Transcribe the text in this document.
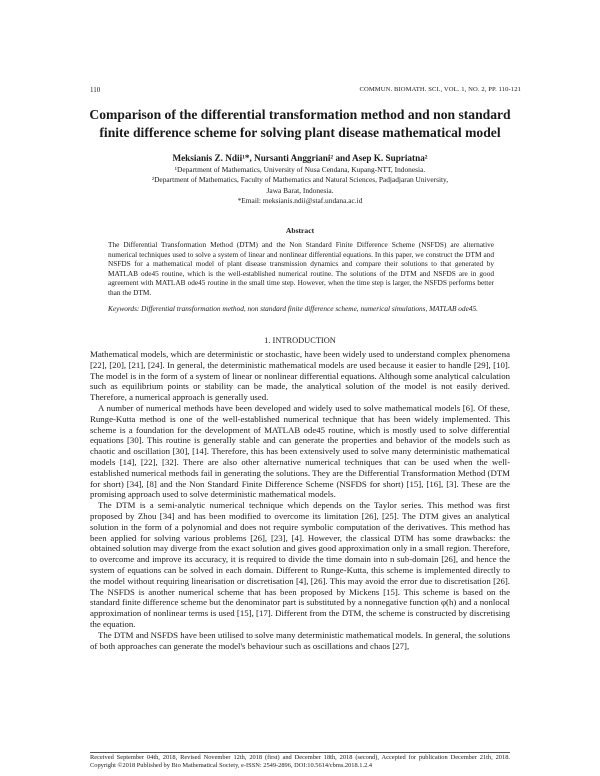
110	COMMUN. BIOMATH. SCI., VOL. 1, NO. 2, PP. 110-121
Comparison of the differential transformation method and non standard finite difference scheme for solving plant disease mathematical model
Meksianis Z. Ndii¹*, Nursanti Anggriani² and Asep K. Supriatna²
¹Department of Mathematics, University of Nusa Cendana, Kupang-NTT, Indonesia.
²Department of Mathematics, Faculty of Mathematics and Natural Sciences, Padjadjaran University,
Jawa Barat, Indonesia.
*Email: meksianis.ndii@staf.undana.ac.id
Abstract

The Differential Transformation Method (DTM) and the Non Standard Finite Difference Scheme (NSFDS) are alternative numerical techniques used to solve a system of linear and nonlinear differential equations. In this paper, we construct the DTM and NSFDS for a mathematical model of plant disease transmission dynamics and compare their solutions to that generated by MATLAB ode45 routine, which is the well-established numerical routine. The solutions of the DTM and NSFDS are in good agreement with MATLAB ode45 routine in the small time step. However, when the time step is larger, the NSFDS performs better than the DTM.

Keywords: Differential transformation method, non standard finite difference scheme, numerical simulations, MATLAB ode45.

1. INTRODUCTION

Mathematical models, which are deterministic or stochastic, have been widely used to understand complex phenomena [22], [20], [21], [24]. In general, the deterministic mathematical models are used because it easier to handle [29], [10]. The model is in the form of a system of linear or nonlinear differential equations. Although some analytical calculation such as equilibrium points or stability can be made, the analytical solution of the model is not easily derived. Therefore, a numerical approach is generally used.

A number of numerical methods have been developed and widely used to solve mathematical models [6]. Of these, Runge-Kutta method is one of the well-established numerical technique that has been widely implemented. This scheme is a foundation for the development of MATLAB ode45 routine, which is mostly used to solve differential equations [30]. This routine is generally stable and can generate the properties and behavior of the models such as chaotic and oscillation [30], [14]. Therefore, this has been extensively used to solve many deterministic mathematical models [14], [22], [32]. There are also other alternative numerical techniques that can be used when the well-established numerical methods fail in generating the solutions. They are the Differential Transformation Method (DTM for short) [34], [8] and the Non Standard Finite Difference Scheme (NSFDS for short) [15], [16], [3]. These are the promising approach used to solve deterministic mathematical models.

The DTM is a semi-analytic numerical technique which depends on the Taylor series. This method was first proposed by Zhou [34] and has been modified to overcome its limitation [26], [25]. The DTM gives an analytical solution in the form of a polynomial and does not require symbolic computation of the derivatives. This method has been applied for solving various problems [26], [23], [4]. However, the classical DTM has some drawbacks: the obtained solution may diverge from the exact solution and gives good approximation only in a small region. Therefore, to overcome and improve its accuracy, it is required to divide the time domain into n sub-domain [26], and hence the system of equations can be solved in each domain. Different to Runge-Kutta, this scheme is implemented directly to the model without requiring linearisation or discretisation [4], [26]. This may avoid the error due to discretisation [26]. The NSFDS is another numerical scheme that has been proposed by Mickens [15]. This scheme is based on the standard finite difference scheme but the denominator part is substituted by a nonnegative function φ(h) and a nonlocal approximation of nonlinear terms is used [15], [17]. Different from the DTM, the scheme is constructed by discretising the equation.

The DTM and NSFDS have been utilised to solve many deterministic mathematical models. In general, the solutions of both approaches can generate the model's behaviour such as oscillations and chaos [27],

Received September 04th, 2018, Revised November 12th, 2018 (first) and December 18th, 2018 (second), Accepted for publication December 21th, 2018. Copyright ©2018 Published by Bio Mathematical Society, e-ISSN: 2549-2896, DOI:10.5614/cbms.2018.1.2.4
